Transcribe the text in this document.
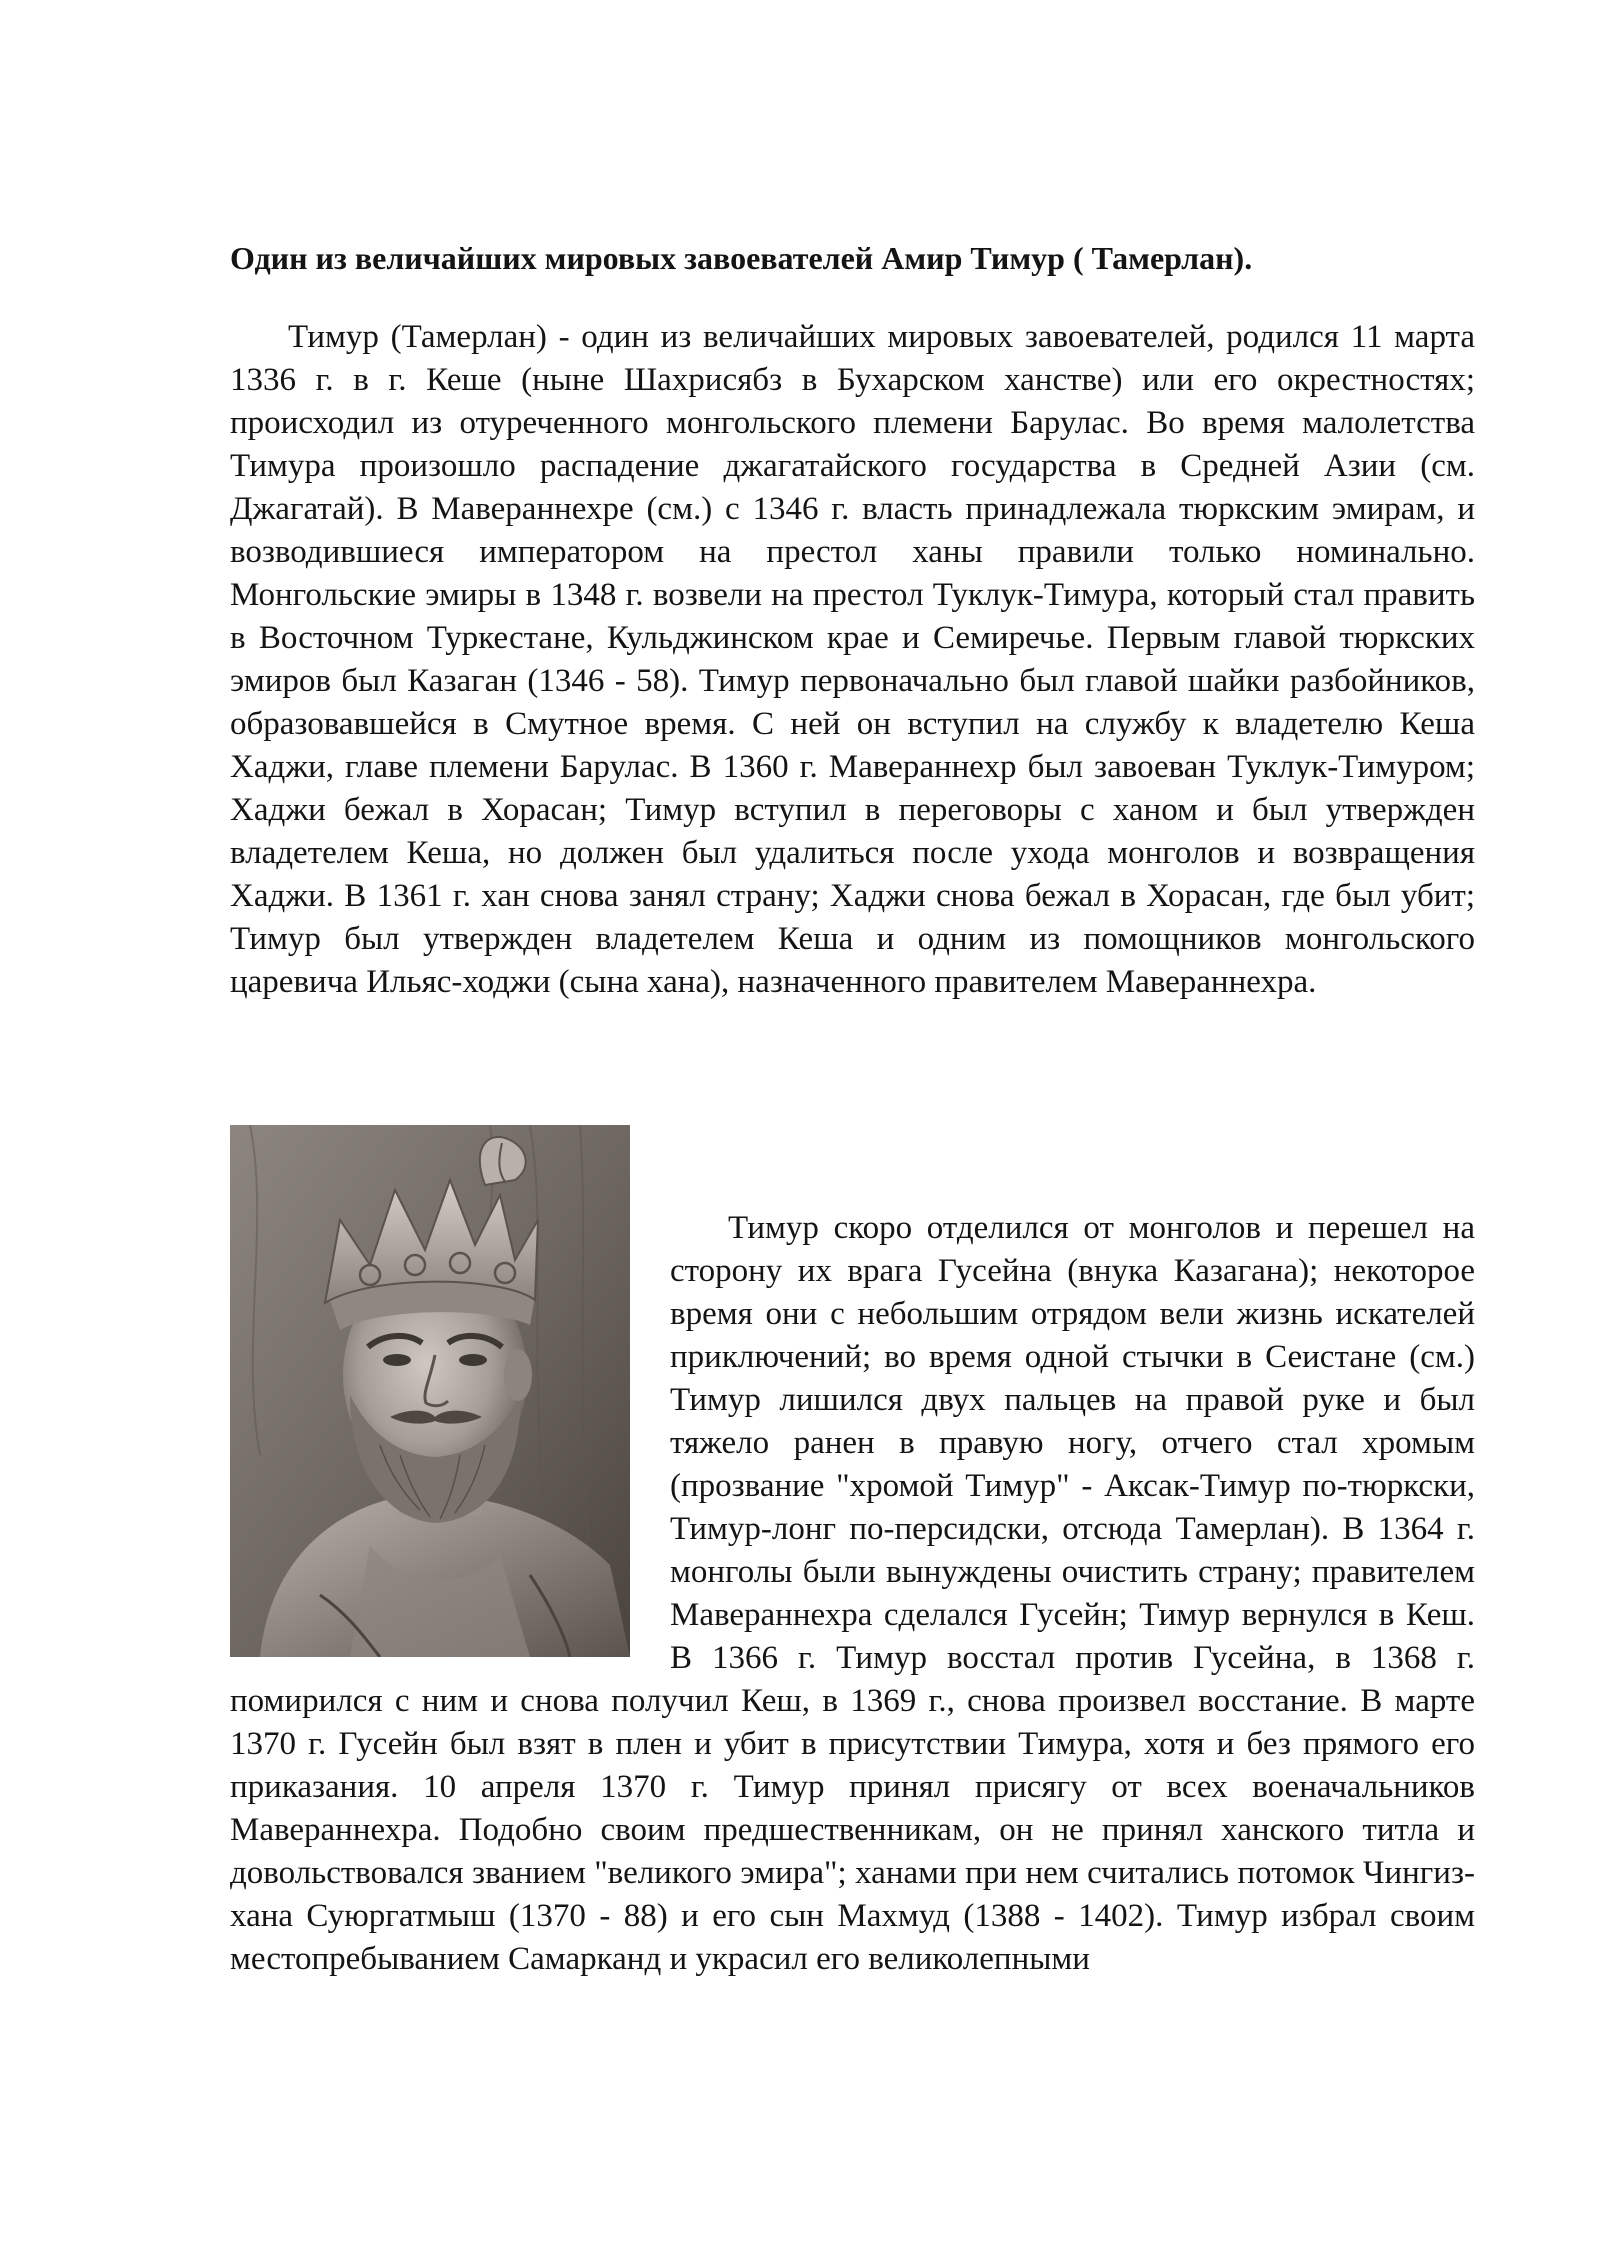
Один из величайших мировых завоевателей Амир Тимур ( Тамерлан).

Тимур (Тамерлан) - один из величайших мировых завоевателей, родился 11 марта 1336 г. в г. Кеше (ныне Шахрисябз в Бухарском ханстве) или его окрестностях; происходил из отуреченного монгольского племени Барулас. Во время малолетства Тимура произошло распадение джагатайского государства в Средней Азии (см. Джагатай). В Мавераннехре (см.) с 1346 г. власть принадлежала тюркским эмирам, и возводившиеся императором на престол ханы правили только номинально. Монгольские эмиры в 1348 г. возвели на престол Туклук-Тимура, который стал править в Восточном Туркестане, Кульджинском крае и Семиречье. Первым главой тюркских эмиров был Казаган (1346 - 58). Тимур первоначально был главой шайки разбойников, образовавшейся в Смутное время. С ней он вступил на службу к владетелю Кеша Хаджи, главе племени Барулас. В 1360 г. Мавераннехр был завоеван Туклук-Тимуром; Хаджи бежал в Хорасан; Тимур вступил в переговоры с ханом и был утвержден владетелем Кеша, но должен был удалиться после ухода монголов и возвращения Хаджи. В 1361 г. хан снова занял страну; Хаджи снова бежал в Хорасан, где был убит; Тимур был утвержден владетелем Кеша и одним из помощников монгольского царевича Ильяс-ходжи (сына хана), назначенного правителем Мавераннехра.

Тимур скоро отделился от монголов и перешел на сторону их врага Гусейна (внука Казагана); некоторое время они с небольшим отрядом вели жизнь искателей приключений; во время одной стычки в Сеистане (см.) Тимур лишился двух пальцев на правой руке и был тяжело ранен в правую ногу, отчего стал хромым (прозвание "хромой Тимур" - Аксак-Тимур по-тюркски, Тимур-лонг по-персидски, отсюда Тамерлан). В 1364 г. монголы были вынуждены очистить страну; правителем Мавераннехра сделался Гусейн; Тимур вернулся в Кеш. В 1366 г. Тимур восстал против Гусейна, в 1368 г. помирился с ним и снова получил Кеш, в 1369 г., снова произвел восстание. В марте 1370 г. Гусейн был взят в плен и убит в присутствии Тимура, хотя и без прямого его приказания. 10 апреля 1370 г. Тимур принял присягу от всех военачальников Мавераннехра. Подобно своим предшественникам, он не принял ханского титла и довольствовался званием "великого эмира"; ханами при нем считались потомок Чингиз-хана Суюргатмыш (1370 - 88) и его сын Махмуд (1388 - 1402). Тимур избрал своим местопребыванием Самарканд и украсил его великолепными
